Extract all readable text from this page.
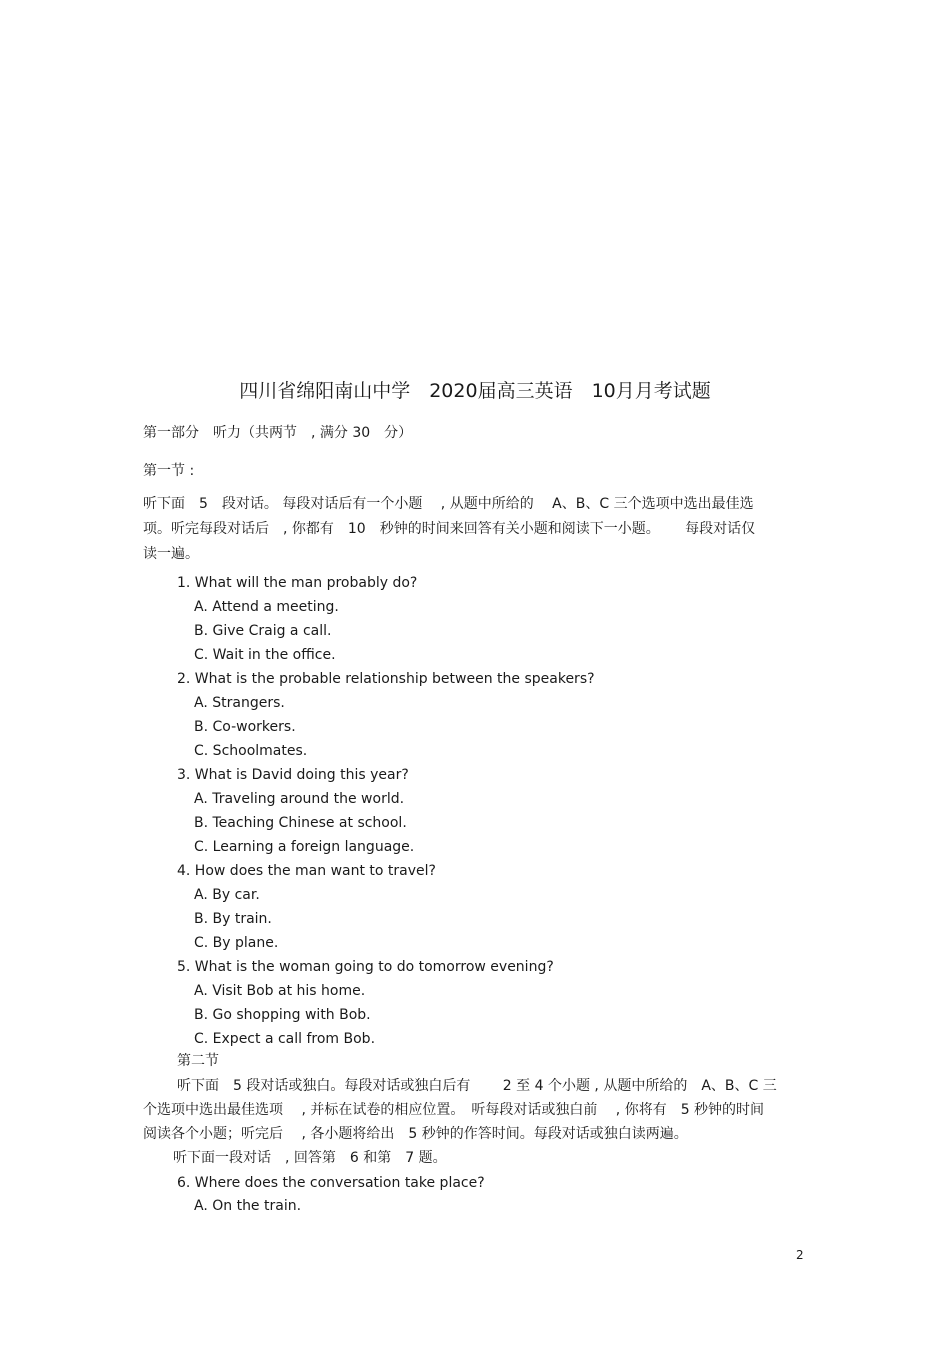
四川省绵阳南山中学　2020届高三英语　10月月考试题
第一部分　听力（共两节　, 满分 30　分）
第一节 :
听下面　5　段对话。 每段对话后有一个小题　 , 从题中所给的　 A、B、C 三个选项中选出最佳选
项。听完每段对话后　, 你都有　10　秒钟的时间来回答有关小题和阅读下一小题。　　 每段对话仅
读一遍。
1. What will the man probably do?
A. Attend a meeting.
B. Give Craig a call.
C. Wait in the office.
2. What is the probable relationship between the speakers?
A. Strangers.
B. Co-workers.
C. Schoolmates.
3. What is David doing this year?
A. Traveling around the world.
B. Teaching Chinese at school.
C. Learning a foreign language.
4. How does the man want to travel?
A. By car.
B. By train.
C. By plane.
5. What is the woman going to do tomorrow evening?
A. Visit Bob at his home.
B. Go shopping with Bob.
C. Expect a call from Bob.
第二节
听下面　5 段对话或独白。每段对话或独白后有　　 2 至 4 个小题 , 从题中所给的　A、B、C 三
个选项中选出最佳选项　 , 并标在试卷的相应位置。　听每段对话或独白前　 , 你将有　5 秒钟的时间
阅读各个小题；听完后　 , 各小题将给出　5 秒钟的作答时间。每段对话或独白读两遍。
听下面一段对话　, 回答第　6 和第　7 题。
6. Where does the conversation take place?
A. On the train.
2
